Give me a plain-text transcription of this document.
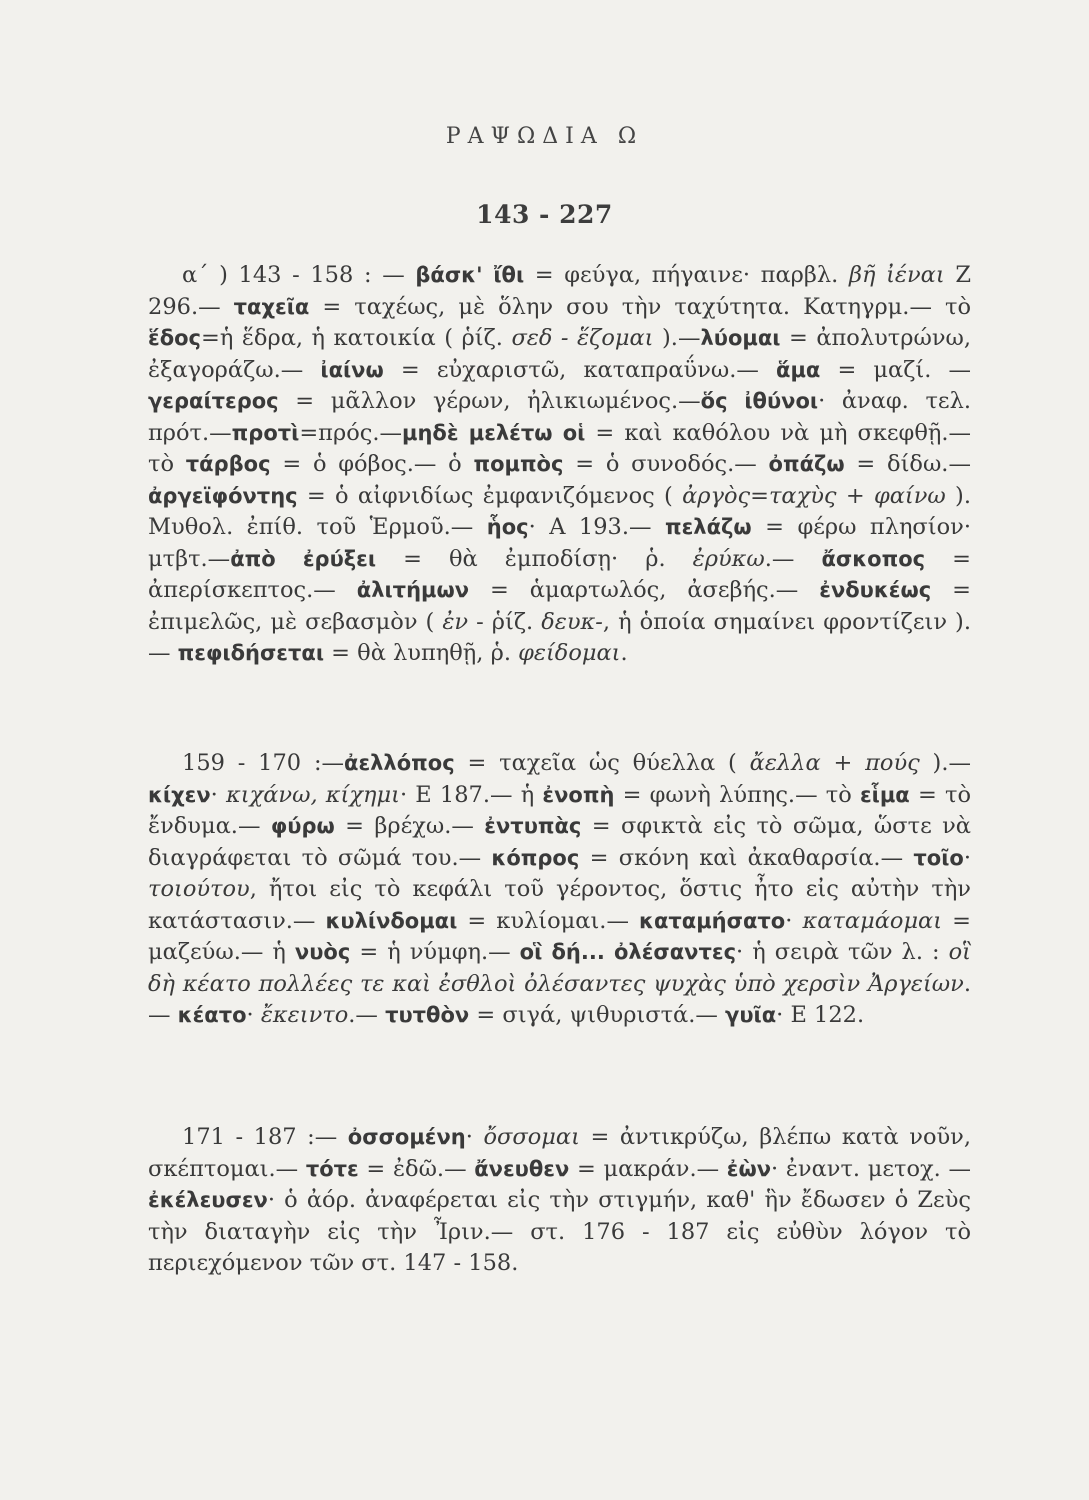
ΡΑΨΩΔΙΑ Ω
143 - 227

α΄ ) 143 - 158 : — βάσκ' ἴθι = φεύγα, πήγαινε· παρβλ. βῆ ἰέναι Ζ 296.— ταχεῖα = ταχέως, μὲ ὅλην σου τὴν ταχύτητα. Κατηγρμ.— τὸ ἕδος=ἡ ἕδρα, ἡ κατοικία ( ῥίζ. σεδ - ἕζομαι ).—λύομαι = ἀπολυτρώνω, ἐξαγοράζω.— ἰαίνω = εὐχαριστῶ, καταπραΰνω.— ἅμα = μαζί. — γεραίτερος = μᾶλλον γέρων, ἠλικιωμένος.—ὅς ἰθύνοι· ἀναφ. τελ. πρότ.—προτὶ=πρός.—μηδὲ μελέτω οἱ = καὶ καθόλου νὰ μὴ σκεφθῇ.— τὸ τάρβος = ὁ φόβος.— ὁ πομπὸς = ὁ συνοδός.— ὀπάζω = δίδω.— ἀργεϊφόντης = ὁ αἰφνιδίως ἐμφανιζόμενος ( ἀργὸς=ταχὺς + φαίνω ). Μυθολ. ἐπίθ. τοῦ Ἑρμοῦ.— ἧος· Α 193.— πελάζω = φέρω πλησίον· μτβτ.—ἀπὸ ἐρύξει = θὰ ἐμποδίσῃ· ῥ. ἐρύκω.— ἄσκοπος = ἀπερίσκεπτος.— ἀλιτήμων = ἁμαρτωλός, ἀσεβής.— ἐνδυκέως = ἐπιμελῶς, μὲ σεβασμὸν ( ἐν - ῥίζ. δευκ-, ἡ ὁποία σημαίνει φροντίζειν ).— πεφιδήσεται = θὰ λυπηθῇ, ῥ. φείδομαι.

159 - 170 :—ἀελλόπος = ταχεῖα ὡς θύελλα ( ἄελλα + πούς ).—κίχεν· κιχάνω, κίχημι· Ε 187.— ἡ ἐνοπὴ = φωνὴ λύπης.— τὸ εἷμα = τὸ ἔνδυμα.— φύρω = βρέχω.— ἐντυπὰς = σφικτὰ εἰς τὸ σῶμα, ὥστε νὰ διαγράφεται τὸ σῶμά του.— κόπρος = σκόνη καὶ ἀκαθαρσία.— τοῖο· τοιούτου, ἤτοι εἰς τὸ κεφάλι τοῦ γέροντος, ὅστις ἦτο εἰς αὐτὴν τὴν κατάστασιν.— κυλίνδομαι = κυλίομαι.— καταμήσατο· καταμάομαι = μαζεύω.— ἡ νυὸς = ἡ νύμφη.— οἳ δή... ὀλέσαντες· ἡ σειρὰ τῶν λ. : οἳ δὴ κέατο πολλέες τε καὶ ἐσθλοὶ ὀλέσαντες ψυχὰς ὑπὸ χερσὶν Ἀργείων.— κέατο· ἔκειντο.— τυτθὸν = σιγά, ψιθυριστά.— γυῖα· Ε 122.

171 - 187 :— ὀσσομένη· ὄσσομαι = ἀντικρύζω, βλέπω κατὰ νοῦν, σκέπτομαι.— τότε = ἐδῶ.— ἄνευθεν = μακράν.— ἐὼν· ἐναντ. μετοχ. — ἐκέλευσεν· ὁ ἀόρ. ἀναφέρεται εἰς τὴν στιγμήν, καθ' ἣν ἔδωσεν ὁ Ζεὺς τὴν διαταγὴν εἰς τὴν Ἶριν.— στ. 176 - 187 εἰς εὐθὺν λόγον τὸ περιεχόμενον τῶν στ. 147 - 158.
